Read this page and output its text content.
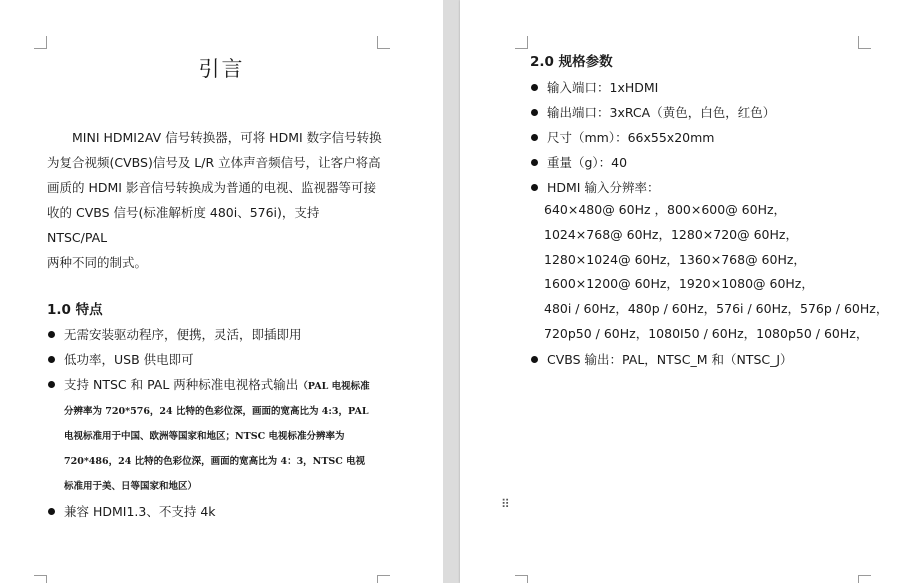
引言

MINI HDMI2AV 信号转换器，可将 HDMI 数字信号转换

为复合视频(CVBS)信号及 L/R 立体声音频信号，让客户将高
画质的 HDMI 影音信号转换成为普通的电视、监视器等可接
收的 CVBS 信号(标准解析度 480i、576i)，支持 NTSC/PAL
两种不同的制式。
1.0 特点
无需安装驱动程序，便携，灵活，即插即用
低功率，USB 供电即可
支持 NTSC 和 PAL 两种标准电视格式输出（PAL 电视标准
分辨率为 720*576，24 比特的色彩位深，画面的宽高比为 4:3，PAL
电视标准用于中国、欧洲等国家和地区；NTSC 电视标准分辨率为
720*486，24 比特的色彩位深，画面的宽高比为 4：3，NTSC 电视
标准用于美、日等国家和地区）
兼容 HDMI1.3、不支持 4k
2.0 规格参数
输入端口：1xHDMI
输出端口：3xRCA（黄色，白色，红色）
尺寸（mm）：66x55x20mm
重量（g）：40
HDMI 输入分辨率：
640×480@ 60Hz ，800×600@ 60Hz，
1024×768@ 60Hz，1280×720@ 60Hz，
1280×1024@ 60Hz，1360×768@ 60Hz，
1600×1200@ 60Hz，1920×1080@ 60Hz，
480i / 60Hz，480p / 60Hz，576i / 60Hz，576p / 60Hz，
720p50 / 60Hz，1080I50 / 60Hz，1080p50 / 60Hz，
CVBS 输出：PAL，NTSC_M 和（NTSC_J）
⠿
